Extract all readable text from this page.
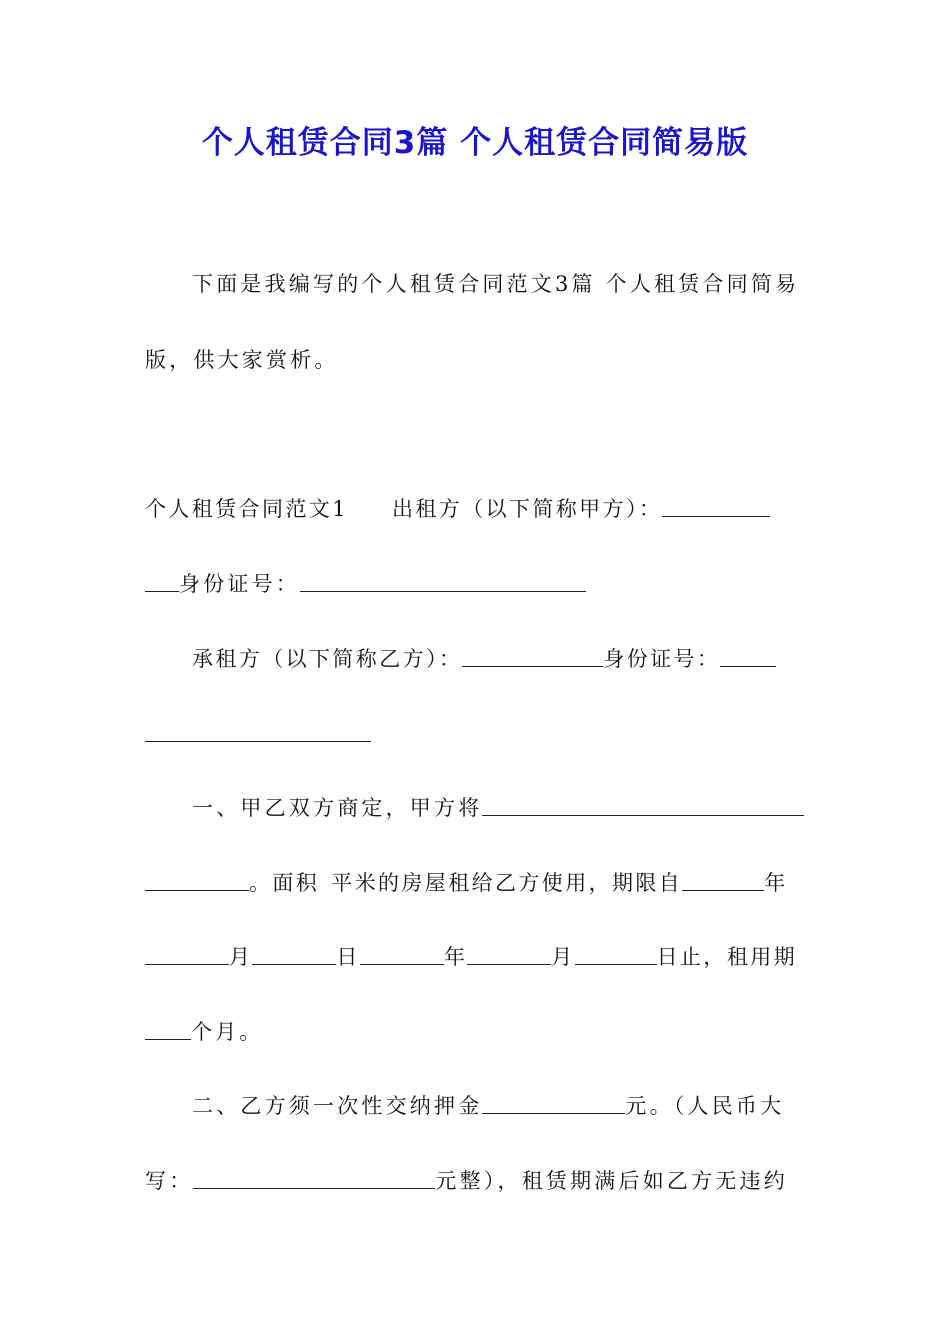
个人租赁合同3篇 个人租赁合同简易版
下面是我编写的个人租赁合同范文3篇 个人租赁合同简易
版，供大家赏析。
个人租赁合同范文1 出租方（以下简称甲方）：
身份证号：
承租方（以下简称乙方）：	身份证号：
一、甲乙双方商定，甲方将
。面积 平米的房屋租给乙方使用，期限自	年
月	日	年	月	日止，租用期
个月。
二、乙方须一次性交纳押金	元。（人民币大
写：	元整），租赁期满后如乙方无违约
